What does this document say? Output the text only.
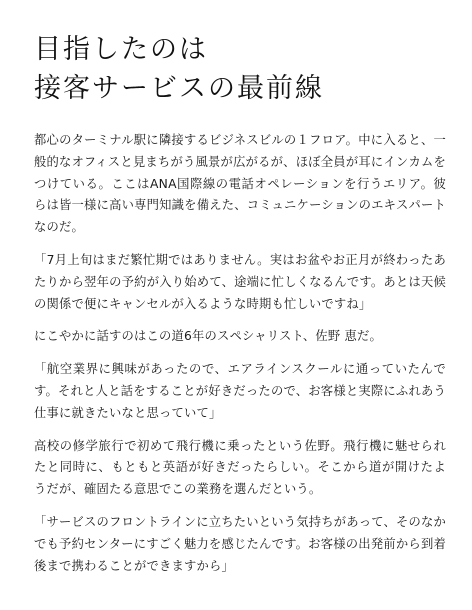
目指したのは
接客サービスの最前線

都心のターミナル駅に隣接するビジネスビルの１フロア。中に入ると、一般的なオフィスと見まちがう風景が広がるが、ほぼ全員が耳にインカムをつけている。ここはANA国際線の電話オペレーションを行うエリア。彼らは皆一様に高い専門知識を備えた、コミュニケーションのエキスパートなのだ。

「7月上旬はまだ繁忙期ではありません。実はお盆やお正月が終わったあたりから翌年の予約が入り始めて、途端に忙しくなるんです。あとは天候の関係で便にキャンセルが入るような時期も忙しいですね」

にこやかに話すのはこの道6年のスペシャリスト、佐野 恵だ。

「航空業界に興味があったので、エアラインスクールに通っていたんです。それと人と話をすることが好きだったので、お客様と実際にふれあう仕事に就きたいなと思っていて」

高校の修学旅行で初めて飛行機に乗ったという佐野。飛行機に魅せられたと同時に、もともと英語が好きだったらしい。そこから道が開けたようだが、確固たる意思でこの業務を選んだという。

「サービスのフロントラインに立ちたいという気持ちがあって、そのなかでも予約センターにすごく魅力を感じたんです。お客様の出発前から到着後まで携わることができますから」
